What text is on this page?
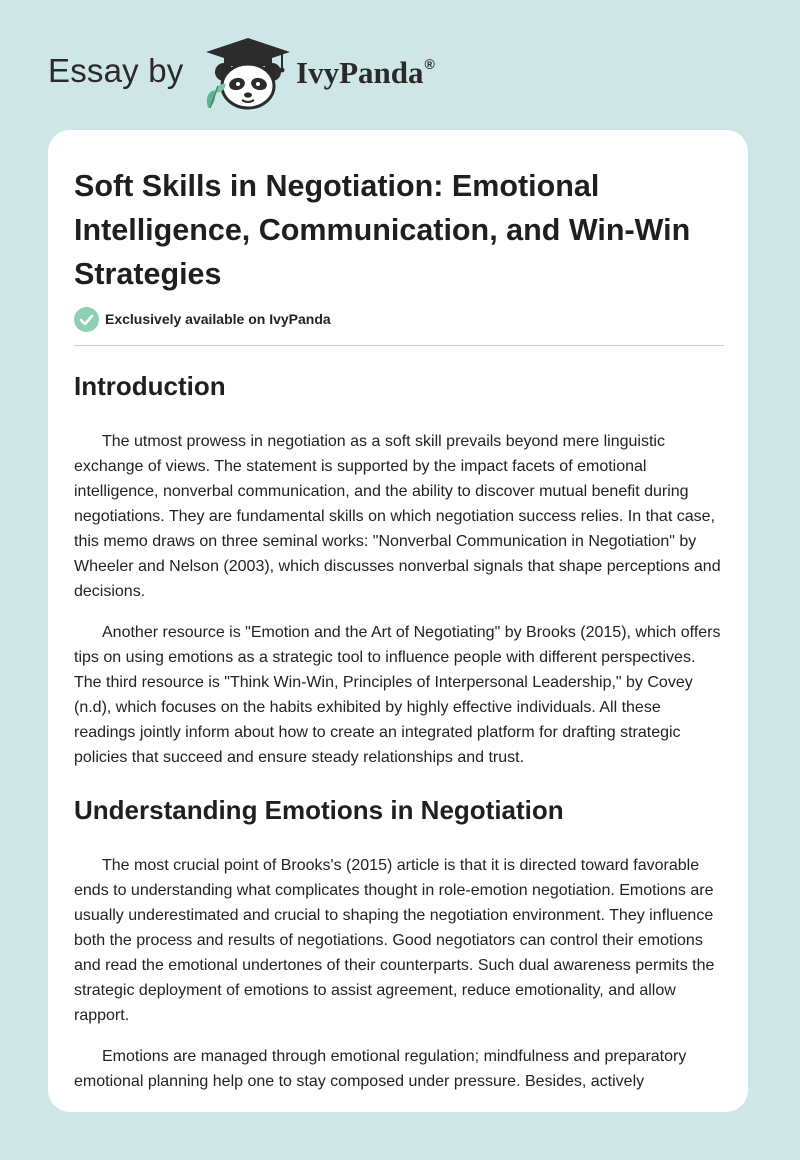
Essay by	IvyPanda®
Soft Skills in Negotiation: Emotional Intelligence, Communication, and Win-Win Strategies
Exclusively available on IvyPanda
Introduction

The utmost prowess in negotiation as a soft skill prevails beyond mere linguistic exchange of views. The statement is supported by the impact facets of emotional intelligence, nonverbal communication, and the ability to discover mutual benefit during negotiations. They are fundamental skills on which negotiation success relies. In that case, this memo draws on three seminal works: "Nonverbal Communication in Negotiation" by Wheeler and Nelson (2003), which discusses nonverbal signals that shape perceptions and decisions.

Another resource is "Emotion and the Art of Negotiating" by Brooks (2015), which offers tips on using emotions as a strategic tool to influence people with different perspectives. The third resource is "Think Win-Win, Principles of Interpersonal Leadership," by Covey (n.d), which focuses on the habits exhibited by highly effective individuals. All these readings jointly inform about how to create an integrated platform for drafting strategic policies that succeed and ensure steady relationships and trust.

Understanding Emotions in Negotiation

The most crucial point of Brooks's (2015) article is that it is directed toward favorable ends to understanding what complicates thought in role-emotion negotiation. Emotions are usually underestimated and crucial to shaping the negotiation environment. They influence both the process and results of negotiations. Good negotiators can control their emotions and read the emotional undertones of their counterparts. Such dual awareness permits the strategic deployment of emotions to assist agreement, reduce emotionality, and allow rapport.

Emotions are managed through emotional regulation; mindfulness and preparatory emotional planning help one to stay composed under pressure. Besides, actively
